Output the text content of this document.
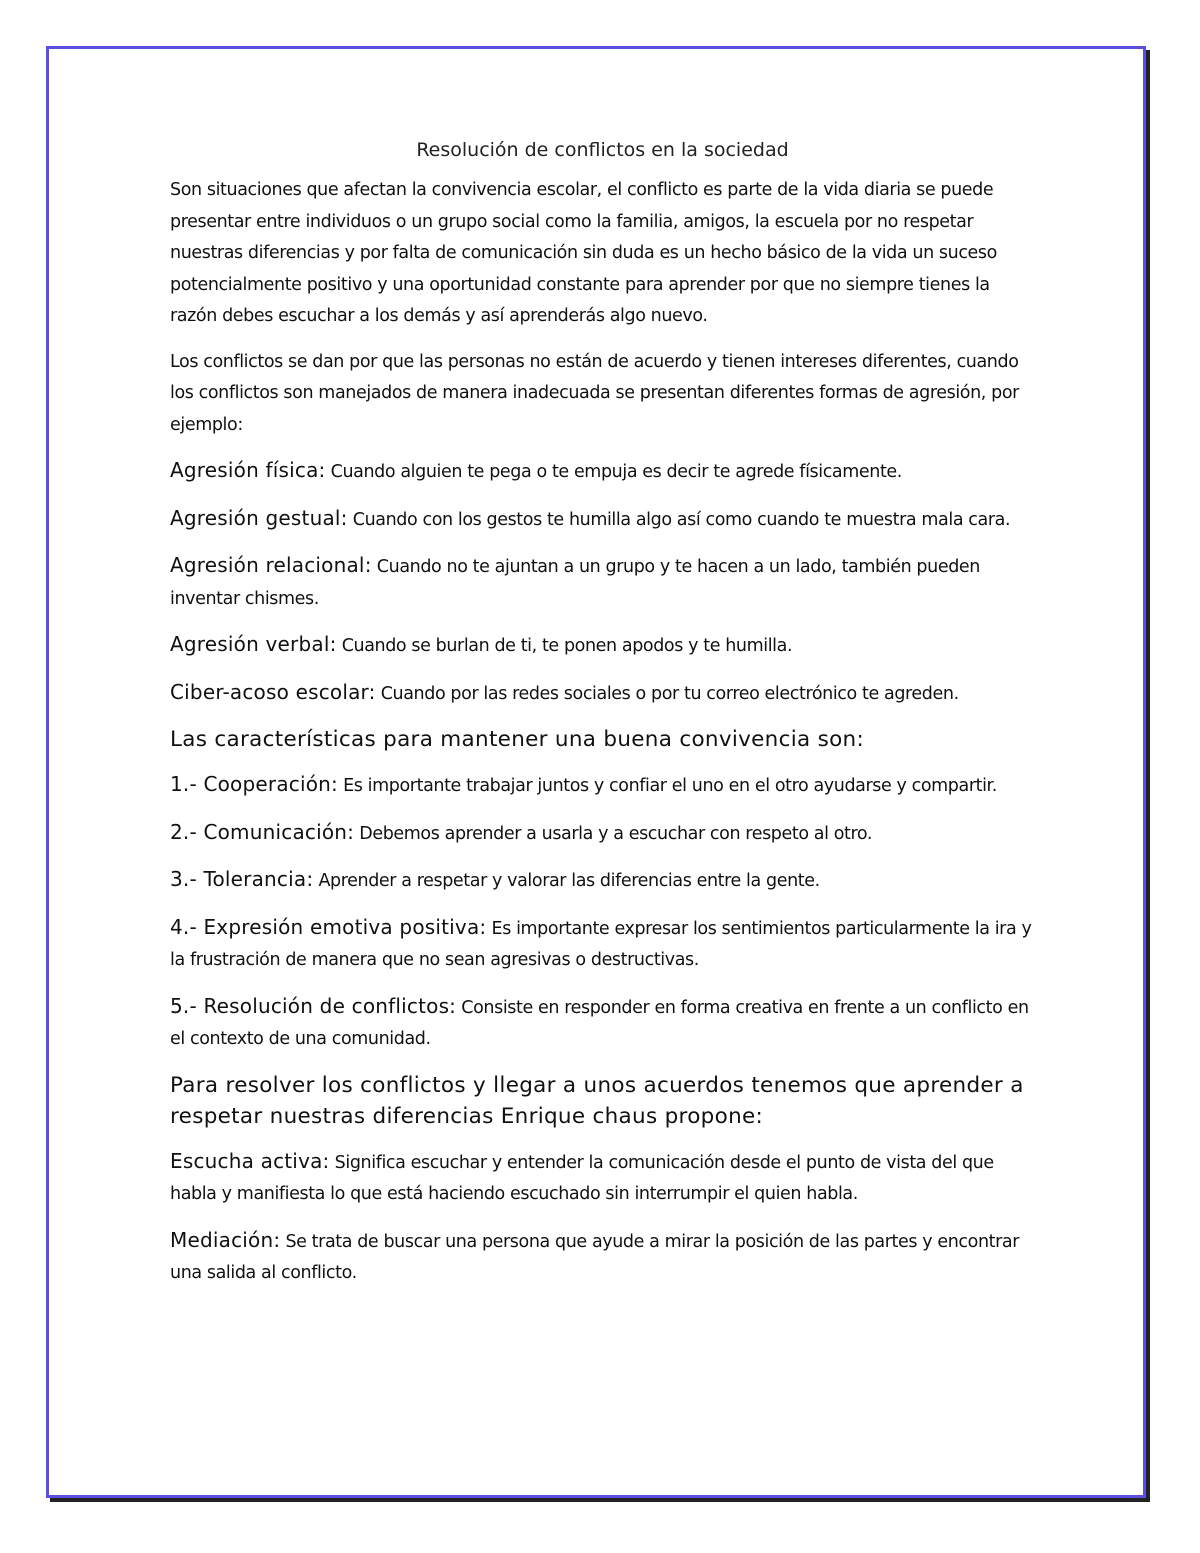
Resolución de conflictos en la sociedad

Son situaciones que afectan la convivencia escolar, el conflicto es parte de la vida diaria se puede presentar entre individuos o un grupo social como la familia, amigos, la escuela por no respetar nuestras diferencias y por falta de comunicación sin duda es un hecho básico de la vida un suceso potencialmente positivo y una oportunidad constante para aprender por que no siempre tienes la razón debes escuchar a los demás y así aprenderás algo nuevo.

Los conflictos se dan por que las personas no están de acuerdo y tienen intereses diferentes, cuando los conflictos son manejados de manera inadecuada se presentan diferentes formas de agresión, por ejemplo:

Agresión física: Cuando alguien te pega o te empuja es decir te agrede físicamente.

Agresión gestual: Cuando con los gestos te humilla algo así como cuando te muestra mala cara.

Agresión relacional: Cuando no te ajuntan a un grupo y te hacen a un lado, también pueden inventar chismes.

Agresión verbal: Cuando se burlan de ti, te ponen apodos y te humilla.

Ciber-acoso escolar: Cuando por las redes sociales o por tu correo electrónico te agreden.

Las características para mantener una buena convivencia son:

1.- Cooperación: Es importante trabajar juntos y confiar el uno en el otro ayudarse y compartir.

2.- Comunicación: Debemos aprender a usarla y a escuchar con respeto al otro.

3.- Tolerancia: Aprender a respetar y valorar las diferencias entre la gente.

4.- Expresión emotiva positiva: Es importante expresar los sentimientos particularmente la ira y la frustración de manera que no sean agresivas o destructivas.

5.- Resolución de conflictos: Consiste en responder en forma creativa en frente a un conflicto en el contexto de una comunidad.

Para resolver los conflictos y llegar a unos acuerdos tenemos que aprender a respetar nuestras diferencias Enrique chaus propone:

Escucha activa: Significa escuchar y entender la comunicación desde el punto de vista del que habla y manifiesta lo que está haciendo escuchado sin interrumpir el quien habla.

Mediación: Se trata de buscar una persona que ayude a mirar la posición de las partes y encontrar una salida al conflicto.
